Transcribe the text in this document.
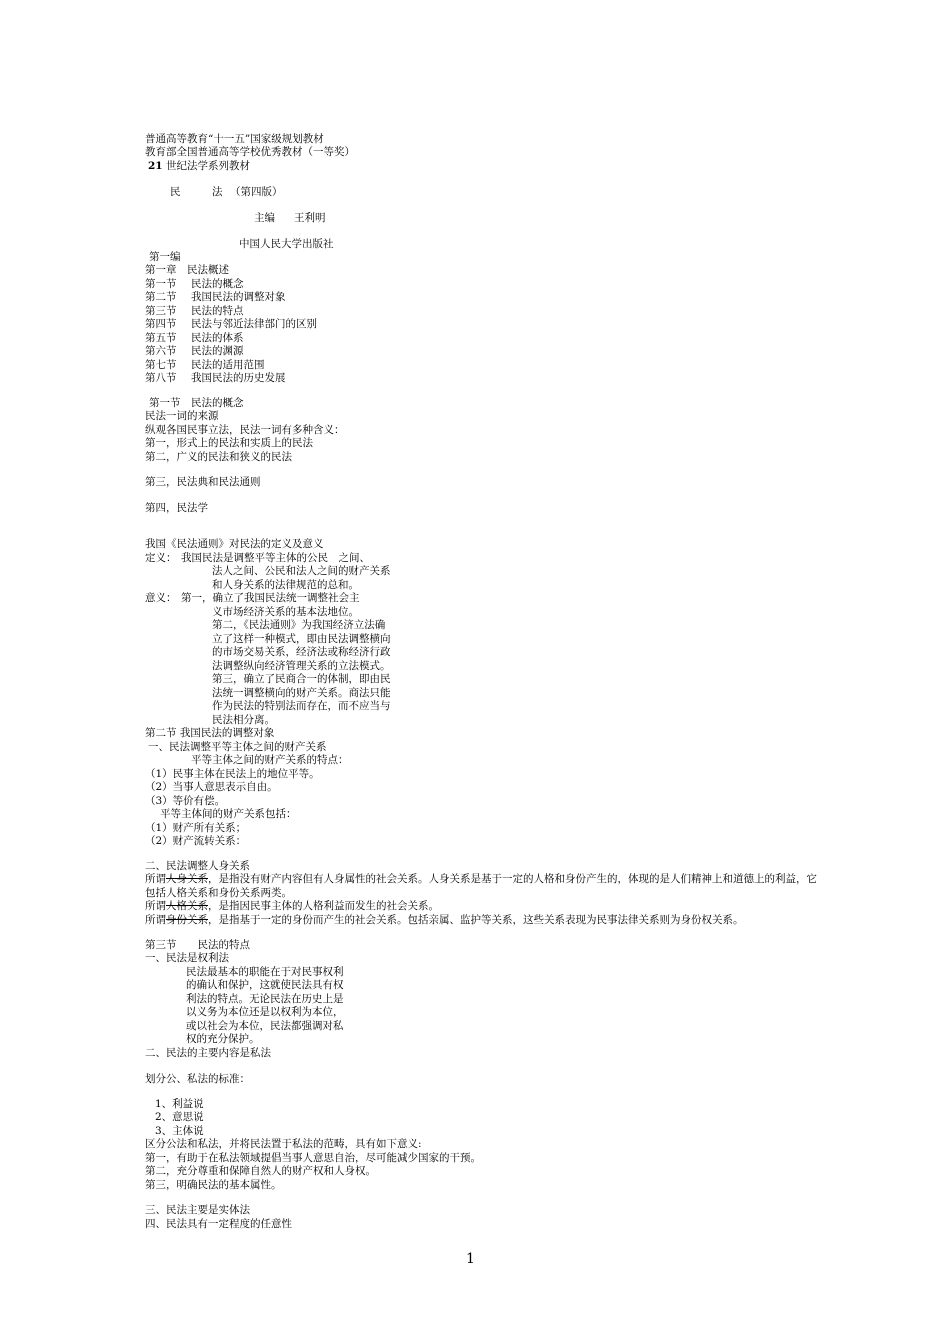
普通高等教育“十一五”国家级规划教材
教育部全国普通高等学校优秀教材（一等奖）
21 世纪法学系列教材
民	法 （第四版）
主编 王利明
中国人民大学出版社
第一编
第一章　民法概述
第一节 民法的概念
第二节 我国民法的调整对象
第三节 民法的特点
第四节 民法与邻近法律部门的区别
第五节 民法的体系
第六节 民法的渊源
第七节 民法的适用范围
第八节 我国民法的历史发展
第一节　民法的概念
民法一词的来源
纵观各国民事立法，民法一词有多种含义：
第一，形式上的民法和实质上的民法
第二，广义的民法和狭义的民法
第三，民法典和民法通则
第四，民法学
我国《民法通则》对民法的定义及意义
定义： 我国民法是调整平等主体的公民　之间、
法人之间、公民和法人之间的财产关系
和人身关系的法律规范的总和。
意义： 第一，确立了我国民法统一调整社会主
义市场经济关系的基本法地位。
第二，《民法通则》为我国经济立法确
立了这样一种模式，即由民法调整横向
的市场交易关系，经济法或称经济行政
法调整纵向经济管理关系的立法模式。
第三，确立了民商合一的体制，即由民
法统一调整横向的财产关系。商法只能
作为民法的特别法而存在，而不应当与
民法相分离。
第二节 我国民法的调整对象
一、民法调整平等主体之间的财产关系
平等主体之间的财产关系的特点：
（1）民事主体在民法上的地位平等。
（2）当事人意思表示自由。
（3）等价有偿。
平等主体间的财产关系包括：
（1）财产所有关系；
（2）财产流转关系：
二、民法调整人身关系
所谓人身关系，是指没有财产内容但有人身属性的社会关系。人身关系是基于一定的人格和身份产生的，体现的是人们精神上和道德上的利益，它
包括人格关系和身份关系两类。
所谓人格关系，是指因民事主体的人格利益而发生的社会关系。
所谓身份关系，是指基于一定的身份而产生的社会关系。包括亲属、监护等关系，这些关系表现为民事法律关系则为身份权关系。
第三节　　民法的特点
一、民法是权利法
民法最基本的职能在于对民事权利
的确认和保护，这就使民法具有权
利法的特点。无论民法在历史上是
以义务为本位还是以权利为本位，
或以社会为本位，民法都强调对私
权的充分保护。
二、民法的主要内容是私法
划分公、私法的标准：
1、利益说
2、意思说
3、主体说
区分公法和私法，并将民法置于私法的范畴，具有如下意义:
第一，有助于在私法领域提倡当事人意思自治，尽可能减少国家的干预。
第二，充分尊重和保障自然人的财产权和人身权。
第三，明确民法的基本属性。
三、民法主要是实体法
四、民法具有一定程度的任意性
1
